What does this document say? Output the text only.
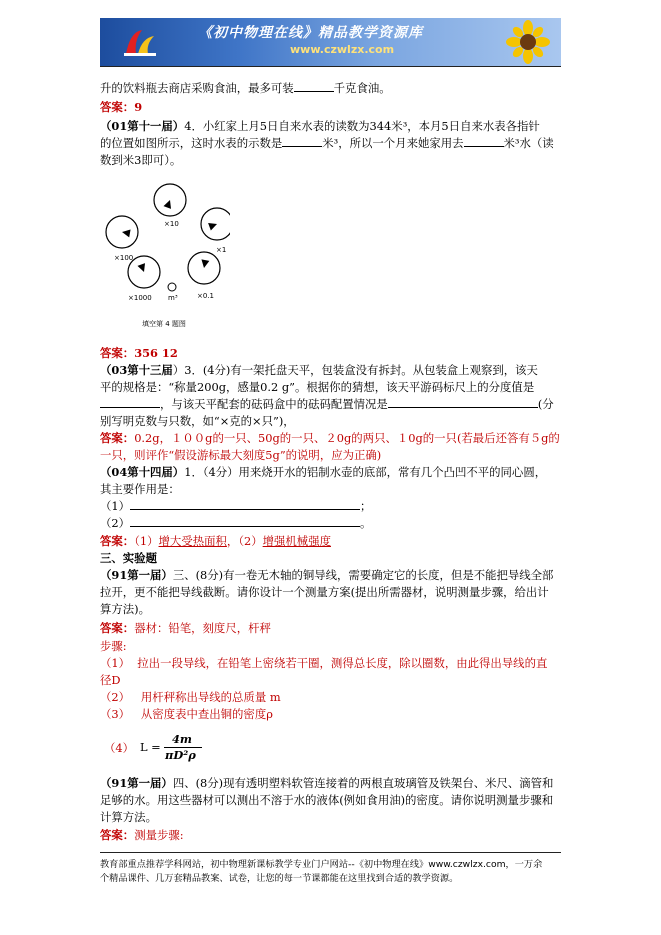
《初中物理在线》精品教学资源库
www.czwlzx.com
升的饮料瓶去商店采购食油，最多可装	千克食油。
答案：9
（01第十一届）4．小红家上月5日自来水表的读数为344米³，本月5日自来水表各指针
的位置如图所示，这时水表的示数是	米³，所以一个月来她家用去	米³水（读
数到米3即可）。
×10
×100
×1
×1000	×0.1
m³
填空第 4 题图
答案：356 12
（03第十三届）3．(4分)有一架托盘天平，包装盒没有拆封。从包装盒上观察到，该天
平的规格是：“称量200g，感量0.2 g”。根据你的猜想，该天平游码标尺上的分度值是
，与该天平配套的砝码盒中的砝码配置情况是	(分
别写明克数与只数，如“×克的×只”)，
答案：0.2g，１００g的一只、50g的一只、２0g的两只、１0g的一只(若最后还答有５g的
一只，则评作“假设游标最大刻度5g”的说明，应为正确)
（04第十四届）1．（4分）用来烧开水的铝制水壶的底部，常有几个凸凹不平的同心圆，
其主要作用是：
（1）	；
（2）	。
答案：（1）增大受热面积，（2）增强机械强度
三、实验题
（91第一届）三、(8分)有一卷无木轴的铜导线，需要确定它的长度，但是不能把导线全部
拉开，更不能把导线截断。请你设计一个测量方案(提出所需器材，说明测量步骤，给出计
算方法)。
答案：器材：铅笔，刻度尺，杆秤
步骤:
（1） 拉出一段导线，在铅笔上密绕若干圈，测得总长度，除以圈数，由此得出导线的直
径D
（2） 用杆秤称出导线的总质量 m
（3） 从密度表中查出铜的密度ρ
（4） L =
4m
πD²ρ
（91第一届）四、(8分)现有透明塑料软管连接着的两根直玻璃管及铁架台、米尺、滴管和
足够的水。用这些器材可以测出不溶于水的液体(例如食用油)的密度。请你说明测量步骤和
计算方法。
答案：测量步骤:
教育部重点推荐学科网站，初中物理新课标教学专业门户网站--《初中物理在线》www.czwlzx.com，一万余
个精品课件、几万套精品教案、试卷，让您的每一节课都能在这里找到合适的教学资源。
